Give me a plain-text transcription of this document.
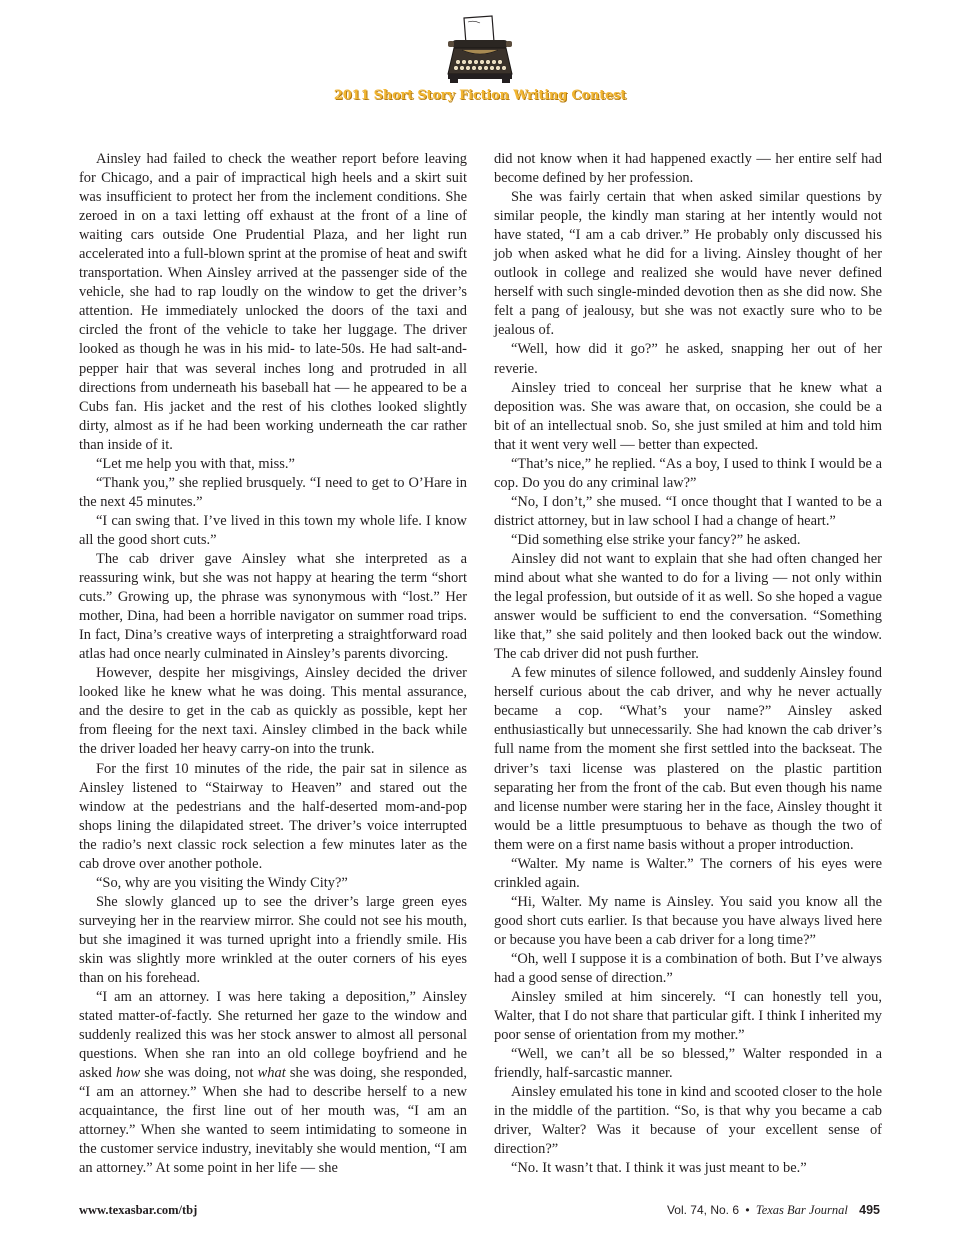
2011 Short Story Fiction Writing Contest

Ainsley had failed to check the weather report before leaving for Chicago, and a pair of impractical high heels and a skirt suit was insufficient to protect her from the inclement conditions. She zeroed in on a taxi letting off exhaust at the front of a line of waiting cars outside One Prudential Plaza, and her light run accelerated into a full-blown sprint at the promise of heat and swift transportation. When Ainsley arrived at the passenger side of the vehicle, she had to rap loudly on the window to get the driver’s attention. He immediately unlocked the doors of the taxi and circled the front of the vehicle to take her luggage. The driver looked as though he was in his mid- to late-50s. He had salt-and-pepper hair that was several inches long and protruded in all directions from underneath his baseball hat — he appeared to be a Cubs fan. His jacket and the rest of his clothes looked slightly dirty, almost as if he had been working underneath the car rather than inside of it.

“Let me help you with that, miss.”

“Thank you,” she replied brusquely. “I need to get to O’Hare in the next 45 minutes.”

“I can swing that. I’ve lived in this town my whole life. I know all the good short cuts.”

The cab driver gave Ainsley what she interpreted as a reassuring wink, but she was not happy at hearing the term “short cuts.” Growing up, the phrase was synonymous with “lost.” Her mother, Dina, had been a horrible navigator on summer road trips. In fact, Dina’s creative ways of interpreting a straightforward road atlas had once nearly culminated in Ainsley’s parents divorcing.

However, despite her misgivings, Ainsley decided the driver looked like he knew what he was doing. This mental assurance, and the desire to get in the cab as quickly as possible, kept her from fleeing for the next taxi. Ainsley climbed in the back while the driver loaded her heavy carry-on into the trunk.

For the first 10 minutes of the ride, the pair sat in silence as Ainsley listened to “Stairway to Heaven” and stared out the window at the pedestrians and the half-deserted mom-and-pop shops lining the dilapidated street. The driver’s voice interrupted the radio’s next classic rock selection a few minutes later as the cab drove over another pothole.

“So, why are you visiting the Windy City?”

She slowly glanced up to see the driver’s large green eyes surveying her in the rearview mirror. She could not see his mouth, but she imagined it was turned upright into a friendly smile. His skin was slightly more wrinkled at the outer corners of his eyes than on his forehead.

“I am an attorney. I was here taking a deposition,” Ainsley stated matter-of-factly. She returned her gaze to the window and suddenly realized this was her stock answer to almost all personal questions. When she ran into an old college boyfriend and he asked how she was doing, not what she was doing, she responded, “I am an attorney.” When she had to describe herself to a new acquaintance, the first line out of her mouth was, “I am an attorney.” When she wanted to seem intimidating to someone in the customer service industry, inevitably she would mention, “I am an attorney.” At some point in her life — she

did not know when it had happened exactly — her entire self had become defined by her profession.

She was fairly certain that when asked similar questions by similar people, the kindly man staring at her intently would not have stated, “I am a cab driver.” He probably only discussed his job when asked what he did for a living. Ainsley thought of her outlook in college and realized she would have never defined herself with such single-minded devotion then as she did now. She felt a pang of jealousy, but she was not exactly sure who to be jealous of.

“Well, how did it go?” he asked, snapping her out of her reverie.

Ainsley tried to conceal her surprise that he knew what a deposition was. She was aware that, on occasion, she could be a bit of an intellectual snob. So, she just smiled at him and told him that it went very well — better than expected.

“That’s nice,” he replied. “As a boy, I used to think I would be a cop. Do you do any criminal law?”

“No, I don’t,” she mused. “I once thought that I wanted to be a district attorney, but in law school I had a change of heart.”

“Did something else strike your fancy?” he asked.

Ainsley did not want to explain that she had often changed her mind about what she wanted to do for a living — not only within the legal profession, but outside of it as well. So she hoped a vague answer would be sufficient to end the conversation. “Something like that,” she said politely and then looked back out the window. The cab driver did not push further.

A few minutes of silence followed, and suddenly Ainsley found herself curious about the cab driver, and why he never actually became a cop. “What’s your name?” Ainsley asked enthusiastically but unnecessarily. She had known the cab driver’s full name from the moment she first settled into the backseat. The driver’s taxi license was plastered on the plastic partition separating her from the front of the cab. But even though his name and license number were staring her in the face, Ainsley thought it would be a little presumptuous to behave as though the two of them were on a first name basis without a proper introduction.

“Walter. My name is Walter.” The corners of his eyes were crinkled again.

“Hi, Walter. My name is Ainsley. You said you know all the good short cuts earlier. Is that because you have always lived here or because you have been a cab driver for a long time?”

“Oh, well I suppose it is a combination of both. But I’ve always had a good sense of direction.”

Ainsley smiled at him sincerely. “I can honestly tell you, Walter, that I do not share that particular gift. I think I inherited my poor sense of orientation from my mother.”

“Well, we can’t all be so blessed,” Walter responded in a friendly, half-sarcastic manner.

Ainsley emulated his tone in kind and scooted closer to the hole in the middle of the partition. “So, is that why you became a cab driver, Walter? Was it because of your excellent sense of direction?”

“No. It wasn’t that. I think it was just meant to be.”

www.texasbar.com/tbj	Vol. 74, No. 6 • Texas Bar Journal 495
